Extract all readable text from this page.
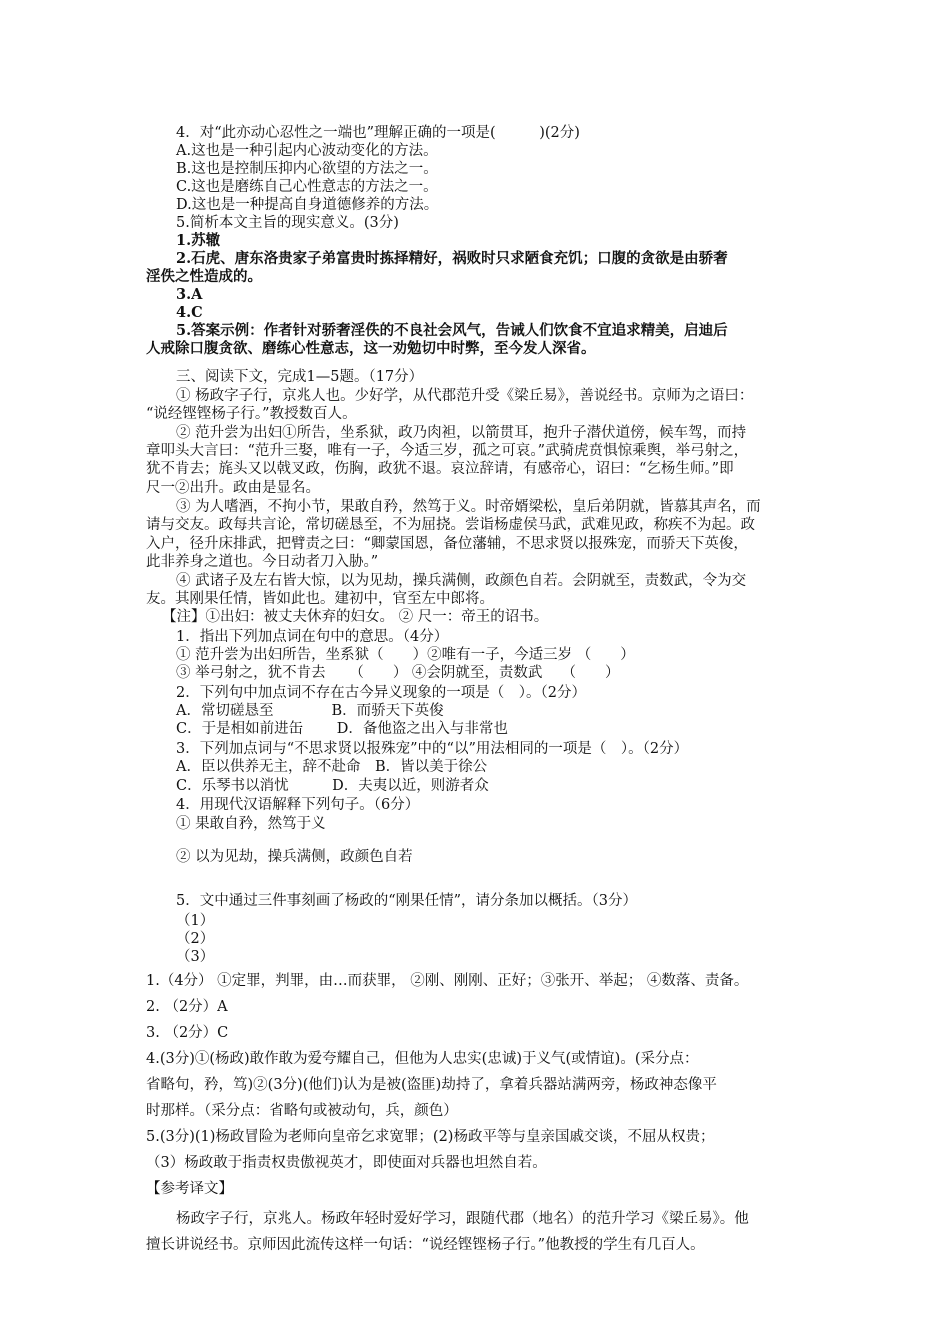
4．对“此亦动心忍性之一端也”理解正确的一项是(　　　)(2分)
A.这也是一种引起内心波动变化的方法。
B.这也是控制压抑内心欲望的方法之一。
C.这也是磨练自己心性意志的方法之一。
D.这也是一种提高自身道德修养的方法。
5.简析本文主旨的现实意义。(3分)
1.苏辙
2.石虎、唐东洛贵家子弟富贵时拣择精好，祸败时只求陋食充饥；口腹的贪欲是由骄奢
淫佚之性造成的。
3.A
4.C
5.答案示例：作者针对骄奢淫佚的不良社会风气，告诫人们饮食不宜追求精美，启迪后
人戒除口腹贪欲、磨练心性意志，这一劝勉切中时弊，至今发人深省。
三、阅读下文，完成1—5题。（17分）
① 杨政字子行，京兆人也。少好学，从代郡范升受《梁丘易》，善说经书。京师为之语曰：
“说经铿铿杨子行。”教授数百人。
② 范升尝为出妇①所告，坐系狱，政乃肉袒，以箭贯耳，抱升子潜伏道傍，候车驾，而持
章叩头大言曰：“范升三娶，唯有一子，今适三岁，孤之可哀。”武骑虎贲惧惊乘舆，举弓射之，
犹不肯去；旄头又以戟叉政，伤胸，政犹不退。哀泣辞请，有感帝心，诏曰：“乞杨生师。”即
尺一②出升。政由是显名。
③ 为人嗜酒，不拘小节，果敢自矜，然笃于义。时帝婿梁松，皇后弟阴就，皆慕其声名，而
请与交友。政每共言论，常切磋恳至，不为屈挠。尝诣杨虚侯马武，武难见政，称疾不为起。政
入户，径升床排武，把臂责之曰：“卿蒙国恩，备位藩辅，不思求贤以报殊宠，而骄天下英俊，
此非养身之道也。今日动者刀入胁。”
④ 武诸子及左右皆大惊，以为见劫，操兵满侧，政颜色自若。会阴就至，责数武，令为交
友。其刚果任情，皆如此也。建初中，官至左中郎将。
【注】①出妇：被丈夫休弃的妇女。 ② 尺一：帝王的诏书。
1．指出下列加点词在句中的意思。（4分）
① 范升尝为出妇所告，坐系狱（　　）②唯有一子，今适三岁 （　　）
③ 举弓射之，犹不肯去 　 （　　） ④会阴就至，责数武　 （　　）
2．下列句中加点词不存在古今异义现象的一项是（　）。（2分）
A．常切磋恳至　　　　B．而骄天下英俊
C．于是相如前进缶　　 D．备他盗之出入与非常也
3．下列加点词与“不思求贤以报殊宠”中的“以”用法相同的一项是（　）。（2分）
A．臣以供养无主，辞不赴命　B．皆以美于徐公
C．乐琴书以消忧　　　D．夫夷以近，则游者众
4．用现代汉语解释下列句子。（6分）
① 果敢自矜，然笃于义
② 以为见劫，操兵满侧，政颜色自若
5．文中通过三件事刻画了杨政的“刚果任情”，请分条加以概括。（3分）
（1）
（2）
（3）
1.（4分） ①定罪，判罪，由…而获罪， ②刚、刚刚、正好；③张开、举起； ④数落、责备。
2. （2分）A
3. （2分）C
4.(3分)①(杨政)敢作敢为爱夸耀自己，但他为人忠实(忠诚)于义气(或情谊)。(采分点：
省略句，矜，笃)②(3分)(他们)认为是被(盗匪)劫持了，拿着兵器站满两旁，杨政神态像平
时那样。（采分点：省略句或被动句，兵，颜色）
5.(3分)(1)杨政冒险为老师向皇帝乞求宽罪；(2)杨政平等与皇亲国戚交谈，不屈从权贵；
（3）杨政敢于指责权贵傲视英才，即使面对兵器也坦然自若。
【参考译文】
杨政字子行，京兆人。杨政年轻时爱好学习，跟随代郡（地名）的范升学习《梁丘易》。他
擅长讲说经书。京师因此流传这样一句话：“说经铿铿杨子行。”他教授的学生有几百人。
